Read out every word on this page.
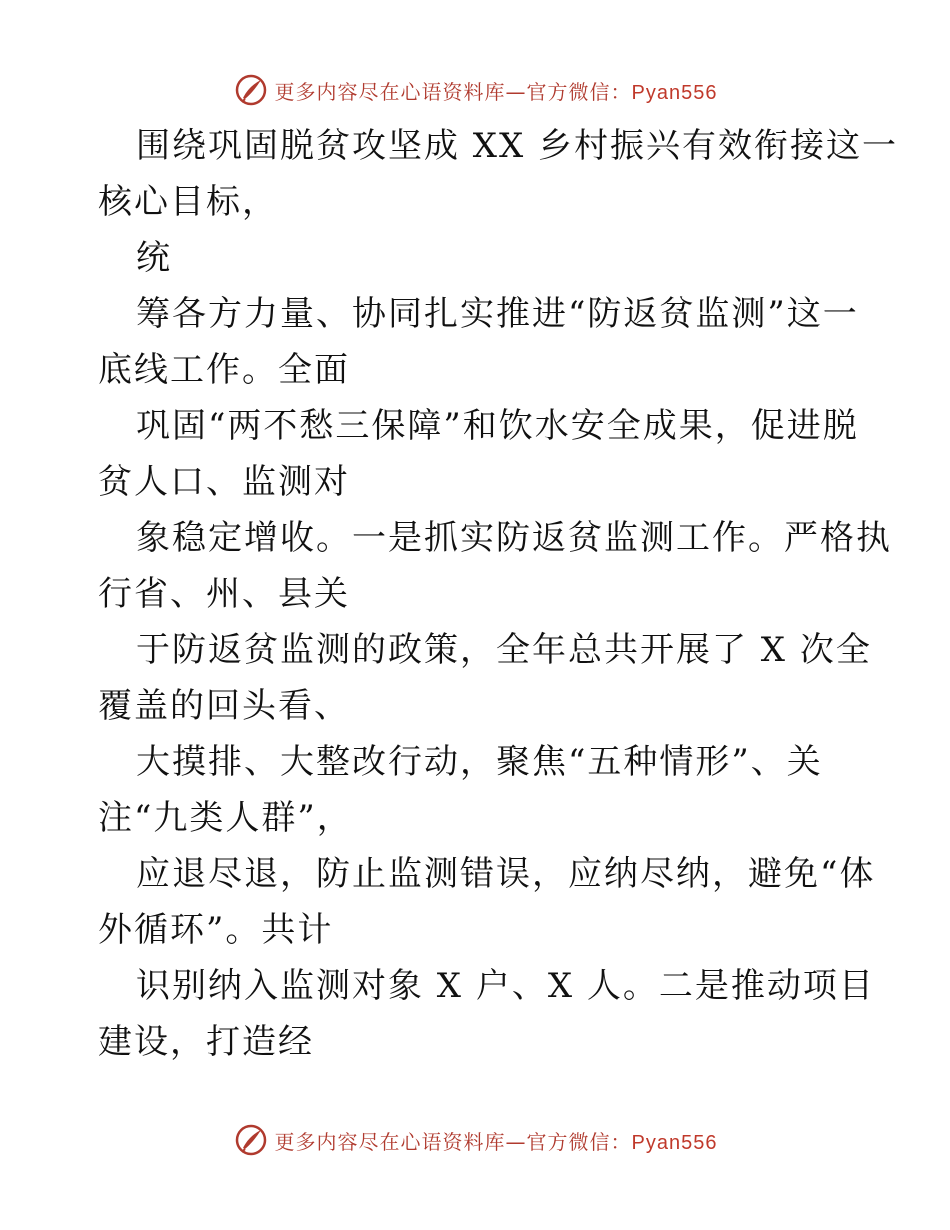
更多内容尽在心语资料库—官方微信：Pyan556
围绕巩固脱贫攻坚成 XX 乡村振兴有效衔接这一
核心目标，
统
筹各方力量、协同扎实推进“防返贫监测”这一
底线工作。全面
巩固“两不愁三保障”和饮水安全成果，促进脱
贫人口、监测对
象稳定增收。一是抓实防返贫监测工作。严格执
行省、州、县关
于防返贫监测的政策，全年总共开展了 X 次全
覆盖的回头看、
大摸排、大整改行动，聚焦“五种情形”、关
注“九类人群”，
应退尽退，防止监测错误，应纳尽纳，避免“体
外循环”。共计
识别纳入监测对象 X 户、X 人。二是推动项目
建设，打造经
更多内容尽在心语资料库—官方微信：Pyan556
